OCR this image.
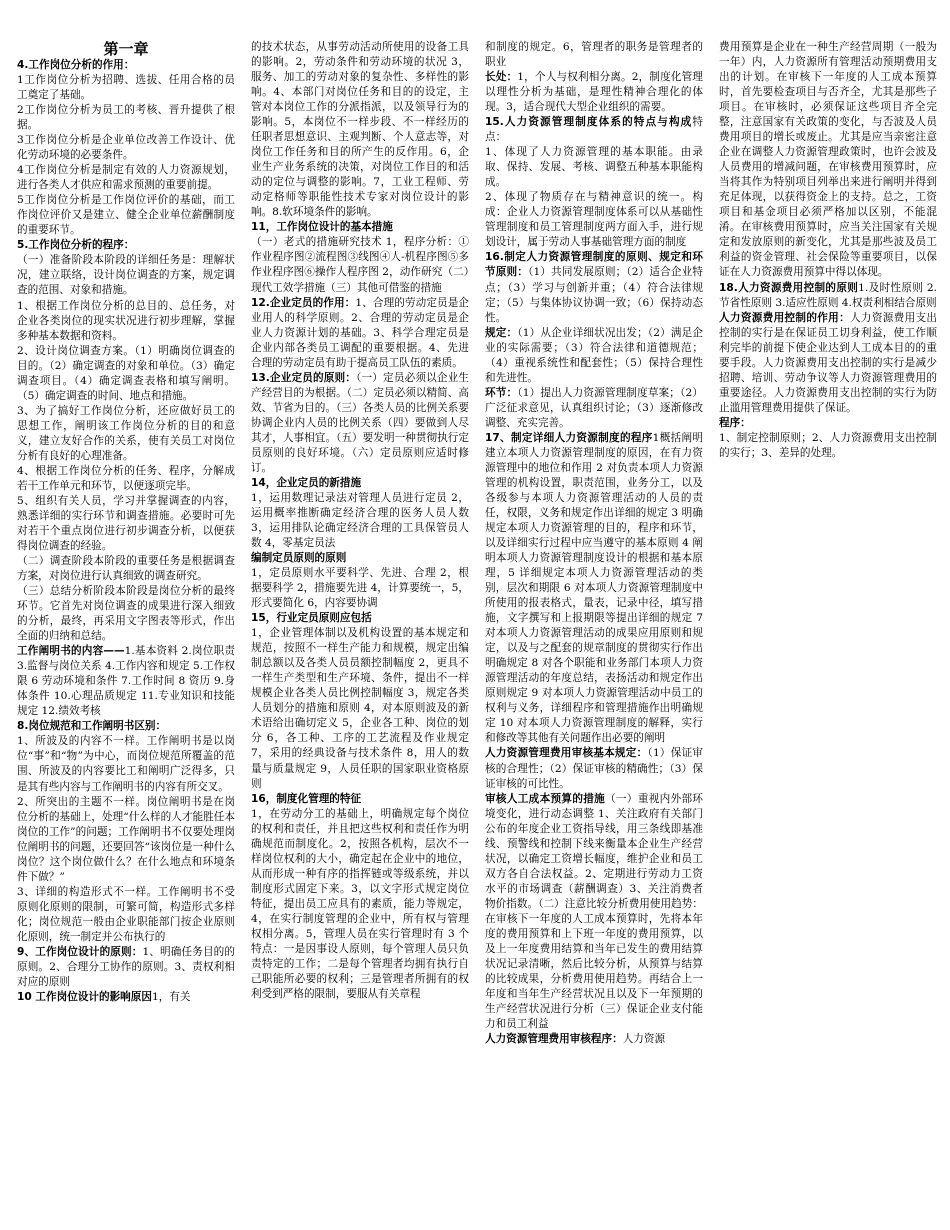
第一章

4.工作岗位分析的作用：

1工作岗位分析为招聘、选拔、任用合格的员工奠定了基础。

2工作岗位分析为员工的考核、晋升提供了根据。

3工作岗位分析是企业单位改善工作设计、优化劳动环境的必要条件。

4工作岗位分析是制定有效的人力资源规划，进行各类人才供应和需求预测的重要前提。

5工作岗位分析是工作岗位评价的基础，而工作岗位评价又是建立、健全企业单位薪酬制度的重要环节。

5.工作岗位分析的程序：

（一）准备阶段本阶段的详细任务是：理解状况，建立联络，设计岗位调查的方案，规定调查的范围、对象和措施。

1、根据工作岗位分析的总目的、总任务，对企业各类岗位的现实状况进行初步理解，掌握多种基本数据和资料。

2、设计岗位调查方案。（1）明确岗位调查的目的。（2）确定调查的对象和单位。（3）确定调查项目。（4）确定调查表格和填写阐明。（5）确定调查的时间、地点和措施。

3、为了搞好工作岗位分析，还应做好员工的思想工作，阐明该工作岗位分析的目的和意义，建立友好合作的关系，使有关员工对岗位分析有良好的心理准备。

4、根据工作岗位分析的任务、程序，分解成若干工作单元和环节，以便逐项完毕。

5、组织有关人员，学习并掌握调查的内容，熟悉详细的实行环节和调查措施。必要时可先对若干个重点岗位进行初步调查分析，以便获得岗位调查的经验。

（二）调查阶段本阶段的重要任务是根据调查方案，对岗位进行认真细致的调查研究。

（三）总结分析阶段本阶段是岗位分析的最终环节。它首先对岗位调查的成果进行深入细致的分析，最终，再采用文字图表等形式，作出全面的归纳和总结。

工作阐明书的内容——1.基本资料 2.岗位职责 3.监督与岗位关系 4.工作内容和规定 5.工作权限 6 劳动环境和条件 7.工作时间 8 资历 9.身体条件 10.心理品质规定 11.专业知识和技能规定 12.绩效考核

8.岗位规范和工作阐明书区别：

1、所波及的内容不一样。工作阐明书是以岗位“事”和“物”为中心，而岗位规范所覆盖的范围、所波及的内容要比工和阐明广泛得多，只是其有些内容与工作阐明书的内容有所交叉。

2、所突出的主题不一样。岗位阐明书是在岗位分析的基础上，处理“什么样的人才能胜任本岗位的工作”的问题；工作阐明书不仅要处理岗位阐明书的问题，还要回答“该岗位是一种什么岗位？这个岗位做什么？在什么地点和环境条件下做？”

3、详细的构造形式不一样。工作阐明书不受原则化原则的限制，可繁可简，构造形式多样化；岗位规范一般由企业职能部门按企业原则化原则，统一制定并公布执行的

9、工作岗位设计的原则：1、明确任务目的的原则。2、合理分工协作的原则。3、责权利相对应的原则

10 工作岗位设计的影响原因1，有关

的技术状态，从事劳动活动所使用的设备工具的影响。2，劳动条件和劳动环境的状况 3，服务、加工的劳动对象的复杂性、多样性的影响。4、本部门对岗位任务和目的的设定，主管对本岗位工作的分派指派，以及领导行为的影响。5，本岗位不一样步段、不一样经历的任职者思想意识、主观判断、个人意志等，对岗位工作任务和目的所产生的反作用。6，企业生产业务系统的决策，对岗位工作目的和活动的定位与调整的影响。7，工业工程师、劳动定格师等职能性技术专家对岗位设计的影响。8.软环境条件的影响。

11，工作岗位设计的基本措施

（一）老式的措施研究技术 1，程序分析：①作业程序图②流程图③线图④人-机程序图⑤多作业程序图⑥操作人程序图 2，动作研究（二）现代工效学措施（三）其他可借鉴的措施

12.企业定员的作用：1、合理的劳动定员是企业用人的科学原则。2、合理的劳动定员是企业人力资源计划的基础。3、科学合理定员是企业内部各类员工调配的重要根据。4、先进合理的劳动定员有助于提高员工队伍的素质。

13.企业定员的原则：（一）定员必须以企业生产经营目的为根据。（二）定员必须以精简、高效、节省为目的。（三）各类人员的比例关系要协调企业内人员的比例关系（四）要做到人尽其才，人事相宜。（五）要发明一种贯彻执行定员原则的良好环境。（六）定员原则应适时修订。

14，企业定员的新措施

1，运用数理记录法对管理人员进行定员 2，运用概率推断确定经济合理的医务人员人数 3，运用排队论确定经济合理的工具保管员人数 4，零基定员法

编制定员原则的原则

1，定员原则水平要科学、先进、合理 2，根据要科学 2，措施要先进 4，计算要统一，5，形式要简化 6，内容要协调

15，行业定员原则应包括

1，企业管理体制以及机构设置的基本规定和规范，按照不一样生产能力和规模，规定出编制总额以及各类人员员额控制幅度 2，更具不一样生产类型和生产环境、条件，提出不一样规模企业各类人员比例控制幅度 3，规定各类人员划分的措施和原则 4，对本原则波及的新术语给出确切定义 5，企业各工种、岗位的划分 6，各工种、工序的工艺流程及作业规定 7，采用的经典设备与技术条件 8，用人的数量与质量规定 9，人员任职的国家职业资格原则

16，制度化管理的特征

1，在劳动分工的基础上，明确规定每个岗位的权利和责任，并且把这些权利和责任作为明确规范而制度化。2，按照各机构，层次不一样岗位权利的大小，确定起在企业中的地位，从而形成一种有序的指挥链或等级系统，并以制度形式固定下来。3，以文字形式规定岗位特征，提出员工应具有的素质，能力等规定，4，在实行制度管理的企业中，所有权与管理权相分离。5，管理人员在实行管理时有 3 个特点：一是因事设人原则，每个管理人员只负责特定的工作；二是每个管理者均拥有执行自己职能所必要的权利；三是管理者所拥有的权利受到严格的限制，要服从有关章程

和制度的规定。6，管理者的职务是管理者的职业

长处：1，个人与权利相分离。2，制度化管理以理性分析为基础，是理性精神合理化的体现。3，适合现代大型企业组织的需要。

15.人力资源管理制度体系的特点与构成特点：

1、体现了人力资源管理的基本职能。由录取、保持、发展、考核、调整五种基本职能构成。

2、体现了物质存在与精神意识的统一。构成：企业人力资源管理制度体系可以从基础性管理制度和员工管理制度两方面入手，进行规划设计，属于劳动人事基础管理方面的制度

16.制定人力资源管理制度的原则、规定和环节原则：（1）共同发展原则；（2）适合企业特点；（3）学习与创新并重；（4）符合法律规定；（5）与集体协议协调一致；（6）保持动态性。

规定：（1）从企业详细状况出发；（2）满足企业的实际需要；（3）符合法律和道德规范；（4）重视系统性和配套性；（5）保持合理性和先进性。

环节：（1）提出人力资源管理制度草案；（2）广泛征求意见，认真组织讨论；（3）逐渐修改调整、充实完善。

17、制定详细人力资源制度的程序1概括阐明建立本项人力资源管理制度的原因，在有力资源管理中的地位和作用 2 对负责本项人力资源管理的机构设置，职责范围，业务分工，以及各级参与本项人力资源管理活动的人员的责任，权限，义务和规定作出详细的规定 3 明确规定本项人力资源管理的目的，程序和环节，以及详细实行过程中应当遵守的基本原则 4 阐明本项人力资源管理制度设计的根据和基本原理，5 详细规定本项人力资源管理活动的类别，层次和期限 6 对本项人力资源管理制度中所使用的报表格式，量表，记录中径，填写措施，文字撰写和上报期限等提出详细的规定 7 对本项人力资源管理活动的成果应用原则和规定，以及与之配套的规章制度的贯彻实行作出明确规定 8 对各个职能和业务部门本项人力资源管理活动的年度总结，表扬活动和规定作出 原则规定 9 对本项人力资源管理活动中员工的权利与义务，详细程序和管理措施作出明确规定 10 对本项人力资源管理制度的解释，实行和修改等其他有关问题作出必要的阐明

人力资源管理费用审核基本规定：（1）保证审核的合理性；（2）保证审核的精确性；（3）保证审核的可比性。

审核人工成本预算的措施（一）重视内外部环境变化，进行动态调整 1、关注政府有关部门公布的年度企业工资指导线，用三条线即基准线、预警线和控制下线来衡量本企业生产经营状况，以确定工资增长幅度，维护企业和员工双方各自合法权益。2、定期进行劳动力工资水平的市场调查（薪酬调查）3、关注消费者物价指数。（二）注意比较分析费用使用趋势：在审核下一年度的人工成本预算时，先将本年度的费用预算和上下班一年度的费用预算，以及上一年度费用结算和当年已发生的费用结算状况记录清晰，然后比较分析，从预算与结算的比较成果，分析费用使用趋势。再结合上一年度和当年生产经营状况且以及下一年预期的生产经营状况进行分析（三）保证企业支付能力和员工利益

人力资源管理费用审核程序：人力资源

费用预算是企业在一种生产经营周期（一般为一年）内，人力资源所有管理活动预期费用支出的计划。在审核下一年度的人工成本预算时，首先要检查项目与否齐全，尤其是那些子项目。在审核时，必须保证这些项目齐全完整，注意国家有关政策的变化，与否波及人员费用项目的增长或废止。尤其是应当亲密注意企业在调整人力资源管理政策时，也许会波及人员费用的增减问题，在审核费用预算时，应当将其作为特别项目列举出来进行阐明并得到充足体现，以获得资金上的支持。总之，工资项目和基金项目必须严格加以区别，不能混淆。在审核费用预算时，应当关注国家有关规定和发放原则的新变化，尤其是那些波及员工利益的资金管理、社会保险等重要项目，以保证在人力资源费用预算中得以体现。

18.人力资源费用控制的原则1.及时性原则 2.节省性原则 3.适应性原则 4.权责利相结合原则

人力资源费用控制的作用：人力资源费用支出控制的实行是在保证员工切身利益，使工作顺利完毕的前提下使企业达到人工成本目的的重要手段。人力资源费用支出控制的实行是减少招聘、培训、劳动争议等人力资源管理费用的重要途径。人力资源费用支出控制的实行为防止滥用管理费用提供了保证。

程序：

1、制定控制原则；2、人力资源费用支出控制的实行；3、差异的处理。
